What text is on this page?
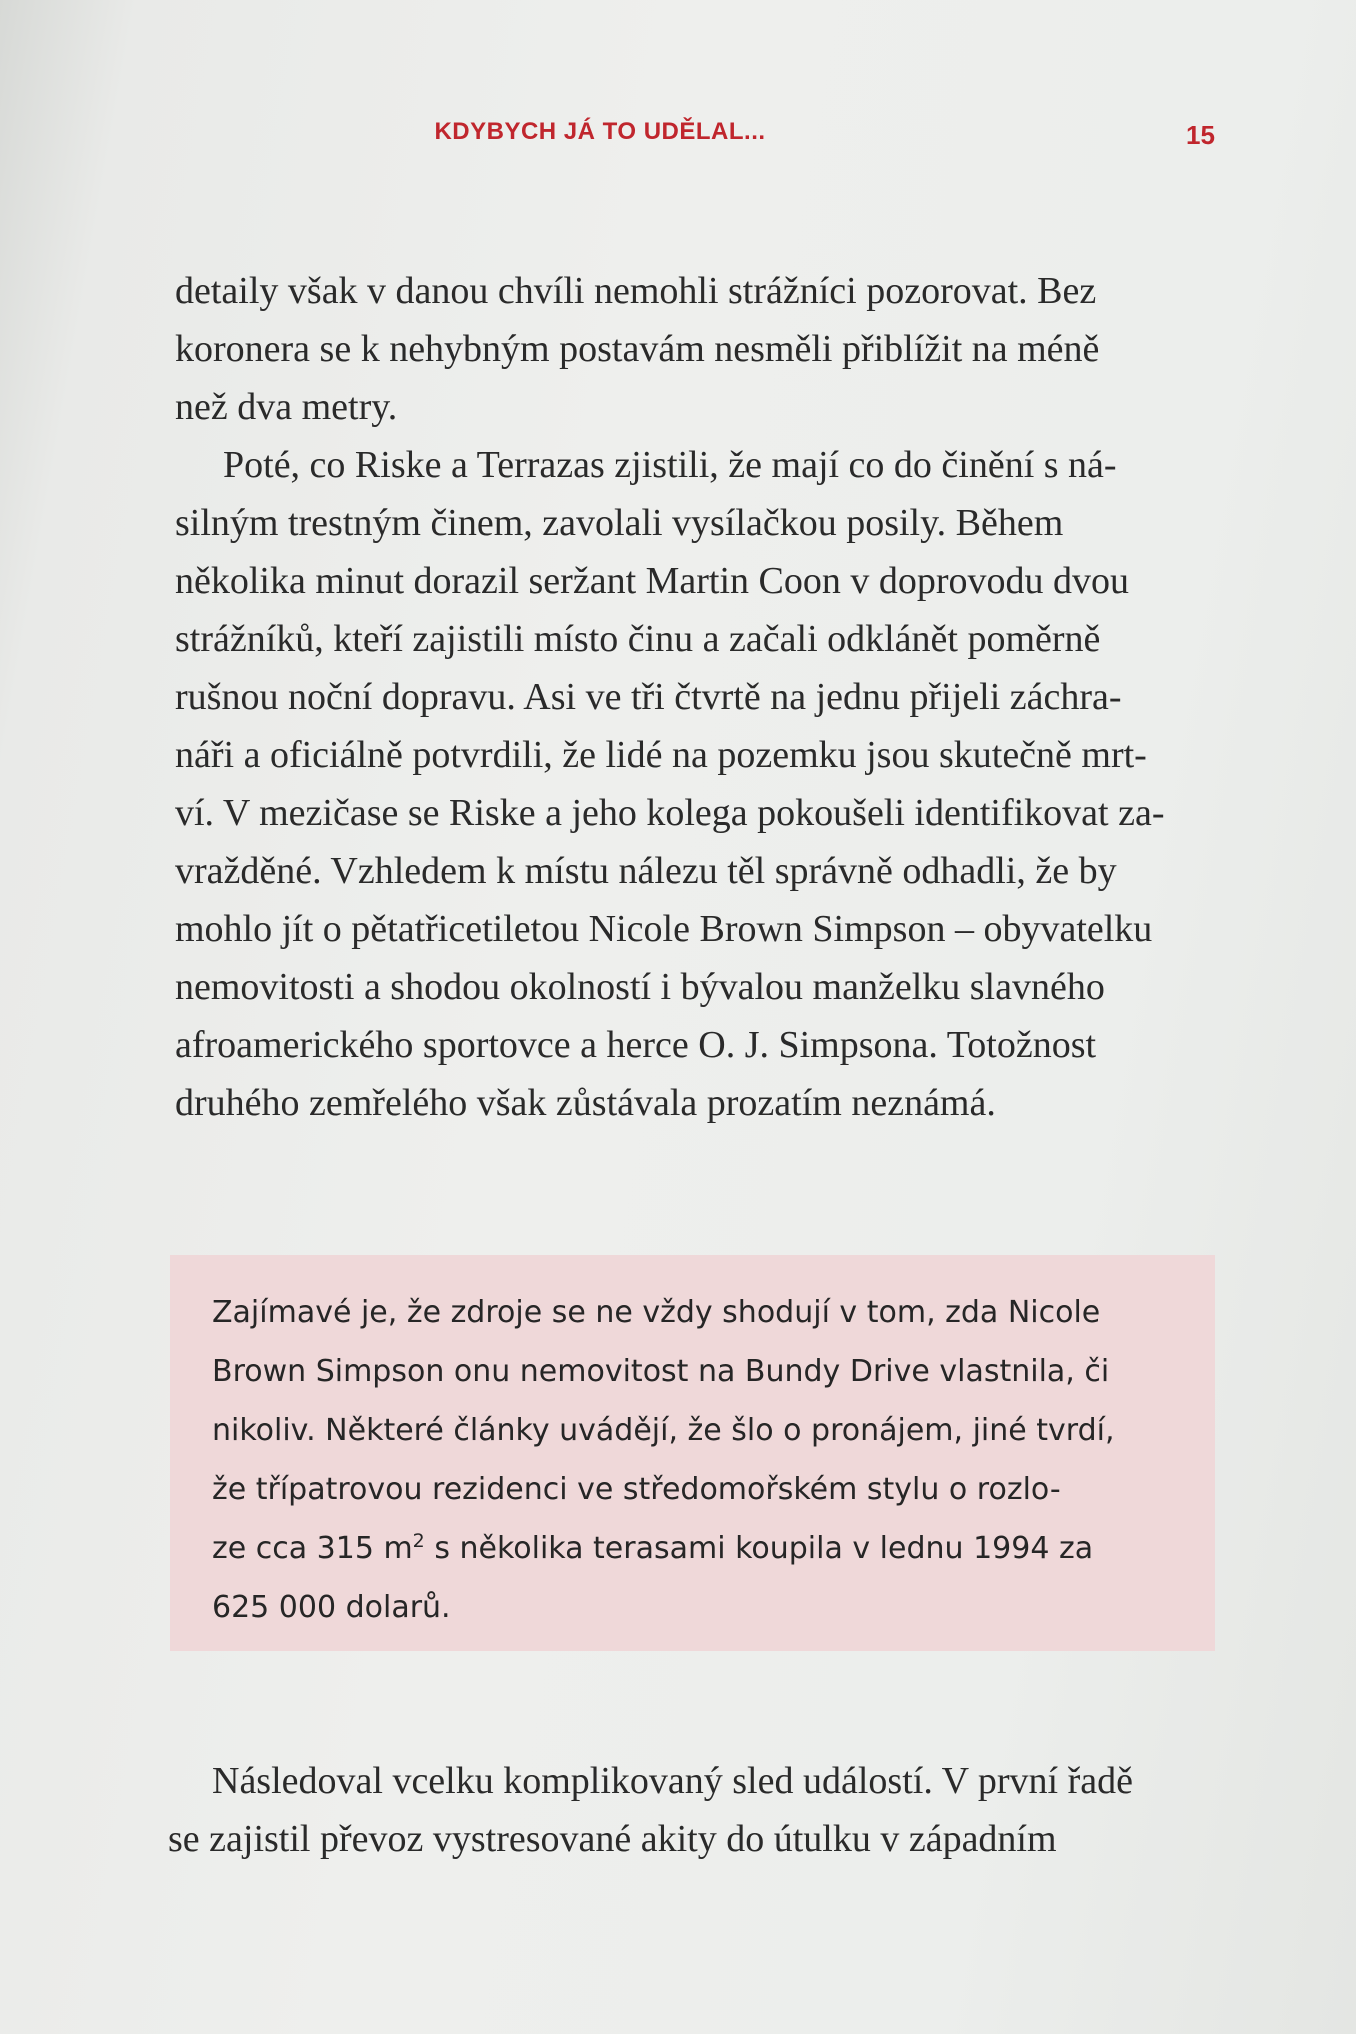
KDYBYCH JÁ TO UDĚLAL...	15

detaily však v danou chvíli nemohli strážníci pozorovat. Bez
koronera se k nehybným postavám nesměli přiblížit na méně
než dva metry.

Poté, co Riske a Terrazas zjistili, že mají co do činění s ná-
silným trestným činem, zavolali vysílačkou posily. Během
několika minut dorazil seržant Martin Coon v doprovodu dvou
strážníků, kteří zajistili místo činu a začali odklánět poměrně
rušnou noční dopravu. Asi ve tři čtvrtě na jednu přijeli záchra-
náři a oficiálně potvrdili, že lidé na pozemku jsou skutečně mrt-
ví. V mezičase se Riske a jeho kolega pokoušeli identifikovat za-
vražděné. Vzhledem k místu nálezu těl správně odhadli, že by
mohlo jít o pětatřicetiletou Nicole Brown Simpson – obyvatelku
nemovitosti a shodou okolností i bývalou manželku slavného
afroamerického sportovce a herce O. J. Simpsona. Totožnost
druhého zemřelého však zůstávala prozatím neznámá.

Zajímavé je, že zdroje se ne vždy shodují v tom, zda Nicole
Brown Simpson onu nemovitost na Bundy Drive vlastnila, či
nikoliv. Některé články uvádějí, že šlo o pronájem, jiné tvrdí,
že třípatrovou rezidenci ve středomořském stylu o rozlo-
ze cca 315 $m^2$ s několika terasami koupila v lednu 1994 za
625 000 dolarů.

Následoval vcelku komplikovaný sled událostí. V první řadě
se zajistil převoz vystresované akity do útulku v západním
